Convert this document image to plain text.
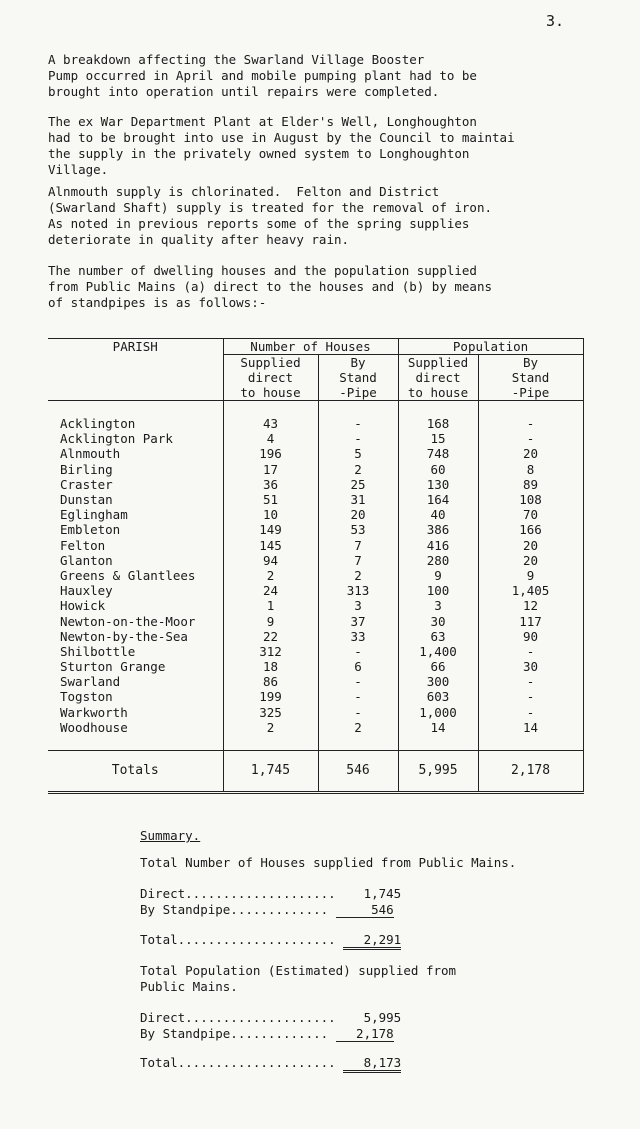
3.

A breakdown affecting the Swarland Village Booster
Pump occurred in April and mobile pumping plant had to be
brought into operation until repairs were completed.

The ex War Department Plant at Elder's Well, Longhoughton
had to be brought into use in August by the Council to maintai
the supply in the privately owned system to Longhoughton
Village.

Alnmouth supply is chlorinated.  Felton and District
(Swarland Shaft) supply is treated for the removal of iron.
As noted in previous reports some of the spring supplies
deteriorate in quality after heavy rain.

The number of dwelling houses and the population supplied
from Public Mains (a) direct to the houses and (b) by means
of standpipes is as follows:-

PARISH	Number of Houses		Population	
	Supplied
direct
to house	By
Stand
-Pipe	Supplied
direct
to house	By
Stand
-Pipe

Acklington	43	-	168	-
Acklington Park	4	-	15	-
Alnmouth	196	5	748	20
Birling	17	2	60	8
Craster	36	25	130	89
Dunstan	51	31	164	108
Eglingham	10	20	40	70
Embleton	149	53	386	166
Felton	145	7	416	20
Glanton	94	7	280	20
Greens & Glantlees	2	2	9	9
Hauxley	24	313	100	1,405
Howick	1	3	3	12
Newton-on-the-Moor	9	37	30	117
Newton-by-the-Sea	22	33	63	90
Shilbottle	312	-	1,400	-
Sturton Grange	18	6	66	30
Swarland	86	-	300	-
Togston	199	-	603	-
Warkworth	325	-	1,000	-
Woodhouse	2	2	14	14

Totals	1,745	546	5,995	2,178
Summary.
Total Number of Houses supplied from Public Mains.
Direct.................... 1,745
By Standpipe.............	546
Total..................... 2,291
Total Population (Estimated) supplied from
Public Mains.
Direct.................... 5,995
By Standpipe............. 2,178
Total..................... 8,173
